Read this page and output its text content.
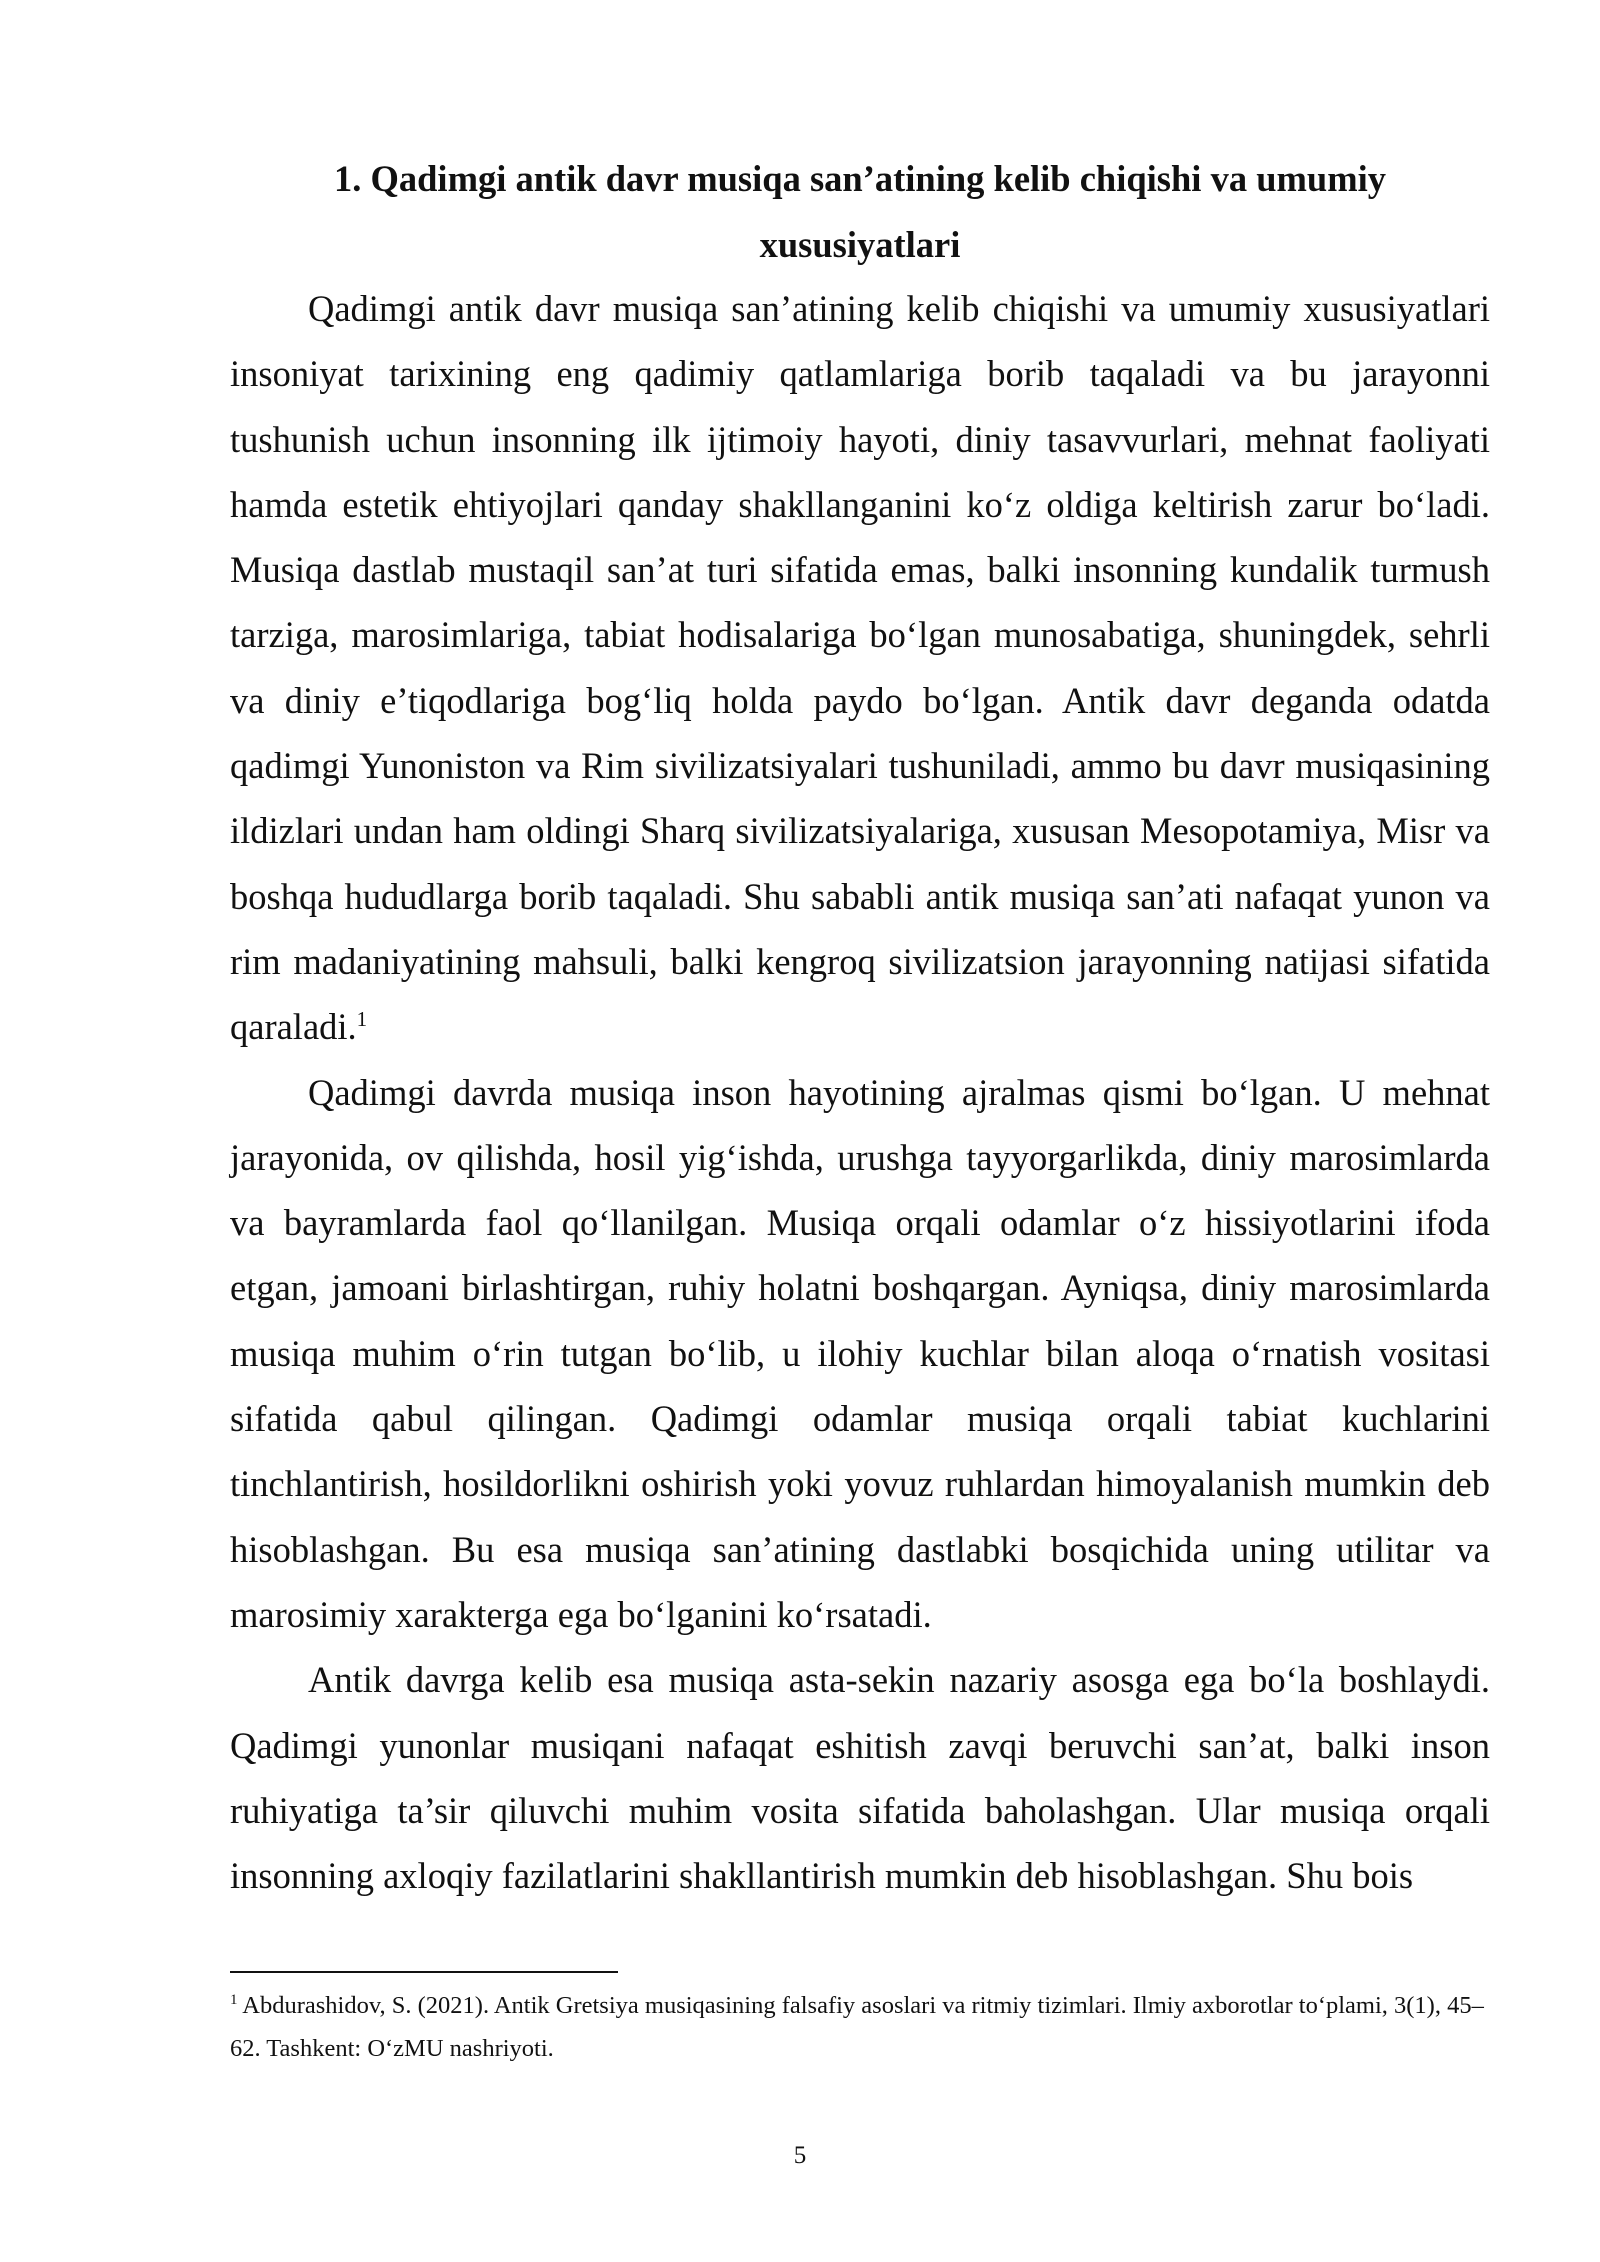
1. Qadimgi antik davr musiqa san’atining kelib chiqishi va umumiy xususiyatlari

Qadimgi antik davr musiqa san’atining kelib chiqishi va umumiy xususiyatlari insoniyat tarixining eng qadimiy qatlamlariga borib taqaladi va bu jarayonni tushunish uchun insonning ilk ijtimoiy hayoti, diniy tasavvurlari, mehnat faoliyati hamda estetik ehtiyojlari qanday shakllanganini ko‘z oldiga keltirish zarur bo‘ladi. Musiqa dastlab mustaqil san’at turi sifatida emas, balki insonning kundalik turmush tarziga, marosimlariga, tabiat hodisalariga bo‘lgan munosabatiga, shuningdek, sehrli va diniy e’tiqodlariga bog‘liq holda paydo bo‘lgan. Antik davr deganda odatda qadimgi Yunoniston va Rim sivilizatsiyalari tushuniladi, ammo bu davr musiqasining ildizlari undan ham oldingi Sharq sivilizatsiyalariga, xususan Mesopotamiya, Misr va boshqa hududlarga borib taqaladi. Shu sababli antik musiqa san’ati nafaqat yunon va rim madaniyatining mahsuli, balki kengroq sivilizatsion jarayonning natijasi sifatida qaraladi.$^1$

Qadimgi davrda musiqa inson hayotining ajralmas qismi bo‘lgan. U mehnat jarayonida, ov qilishda, hosil yig‘ishda, urushga tayyorgarlikda, diniy marosimlarda va bayramlarda faol qo‘llanilgan. Musiqa orqali odamlar o‘z hissiyotlarini ifoda etgan, jamoani birlashtirgan, ruhiy holatni boshqargan. Ayniqsa, diniy marosimlarda musiqa muhim o‘rin tutgan bo‘lib, u ilohiy kuchlar bilan aloqa o‘rnatish vositasi sifatida qabul qilingan. Qadimgi odamlar musiqa orqali tabiat kuchlarini tinchlantirish, hosildorlikni oshirish yoki yovuz ruhlardan himoyalanish mumkin deb hisoblashgan. Bu esa musiqa san’atining dastlabki bosqichida uning utilitar va marosimiy xarakterga ega bo‘lganini ko‘rsatadi.

Antik davrga kelib esa musiqa asta-sekin nazariy asosga ega bo‘la boshlaydi. Qadimgi yunonlar musiqani nafaqat eshitish zavqi beruvchi san’at, balki inson ruhiyatiga ta’sir qiluvchi muhim vosita sifatida baholashgan. Ular musiqa orqali insonning axloqiy fazilatlarini shakllantirish mumkin deb hisoblashgan. Shu bois

$^1$ Abdurashidov, S. (2021). Antik Gretsiya musiqasining falsafiy asoslari va ritmiy tizimlari. Ilmiy axborotlar to‘plami, 3(1), 45–62. Tashkent: O‘zMU nashriyoti.

5
